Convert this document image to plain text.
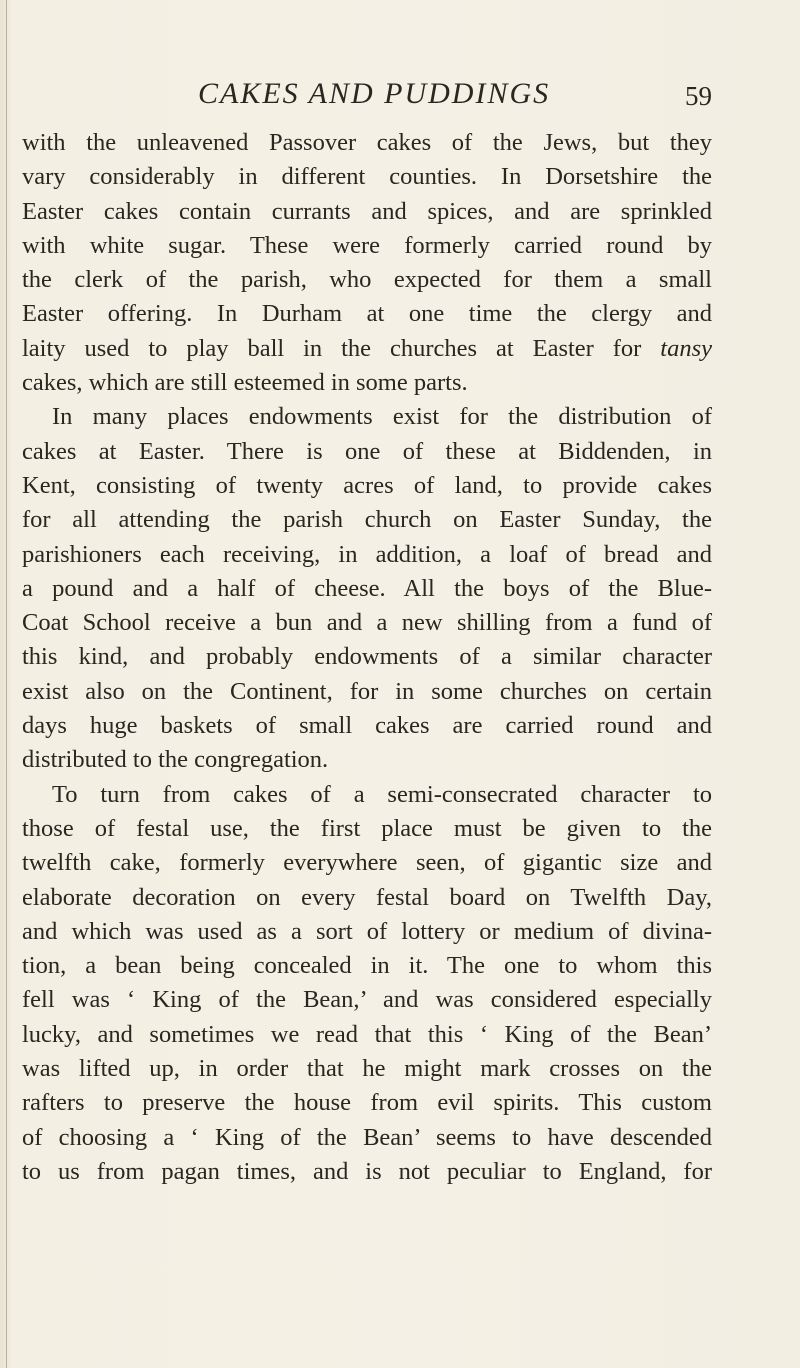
CAKES AND PUDDINGS	59
with the unleavened Passover cakes of the Jews, but they
vary considerably in different counties. In Dorsetshire the
Easter cakes contain currants and spices, and are sprinkled
with white sugar. These were formerly carried round by
the clerk of the parish, who expected for them a small
Easter offering. In Durham at one time the clergy and
laity used to play ball in the churches at Easter for tansy
cakes, which are still esteemed in some parts.
In many places endowments exist for the distribution of
cakes at Easter. There is one of these at Biddenden, in
Kent, consisting of twenty acres of land, to provide cakes
for all attending the parish church on Easter Sunday, the
parishioners each receiving, in addition, a loaf of bread and
a pound and a half of cheese. All the boys of the Blue-
Coat School receive a bun and a new shilling from a fund of
this kind, and probably endowments of a similar character
exist also on the Continent, for in some churches on certain
days huge baskets of small cakes are carried round and
distributed to the congregation.
To turn from cakes of a semi-consecrated character to
those of festal use, the first place must be given to the
twelfth cake, formerly everywhere seen, of gigantic size and
elaborate decoration on every festal board on Twelfth Day,
and which was used as a sort of lottery or medium of divina-
tion, a bean being concealed in it. The one to whom this
fell was ‘ King of the Bean,’ and was considered especially
lucky, and sometimes we read that this ‘ King of the Bean’
was lifted up, in order that he might mark crosses on the
rafters to preserve the house from evil spirits. This custom
of choosing a ‘ King of the Bean’ seems to have descended
to us from pagan times, and is not peculiar to England, for
